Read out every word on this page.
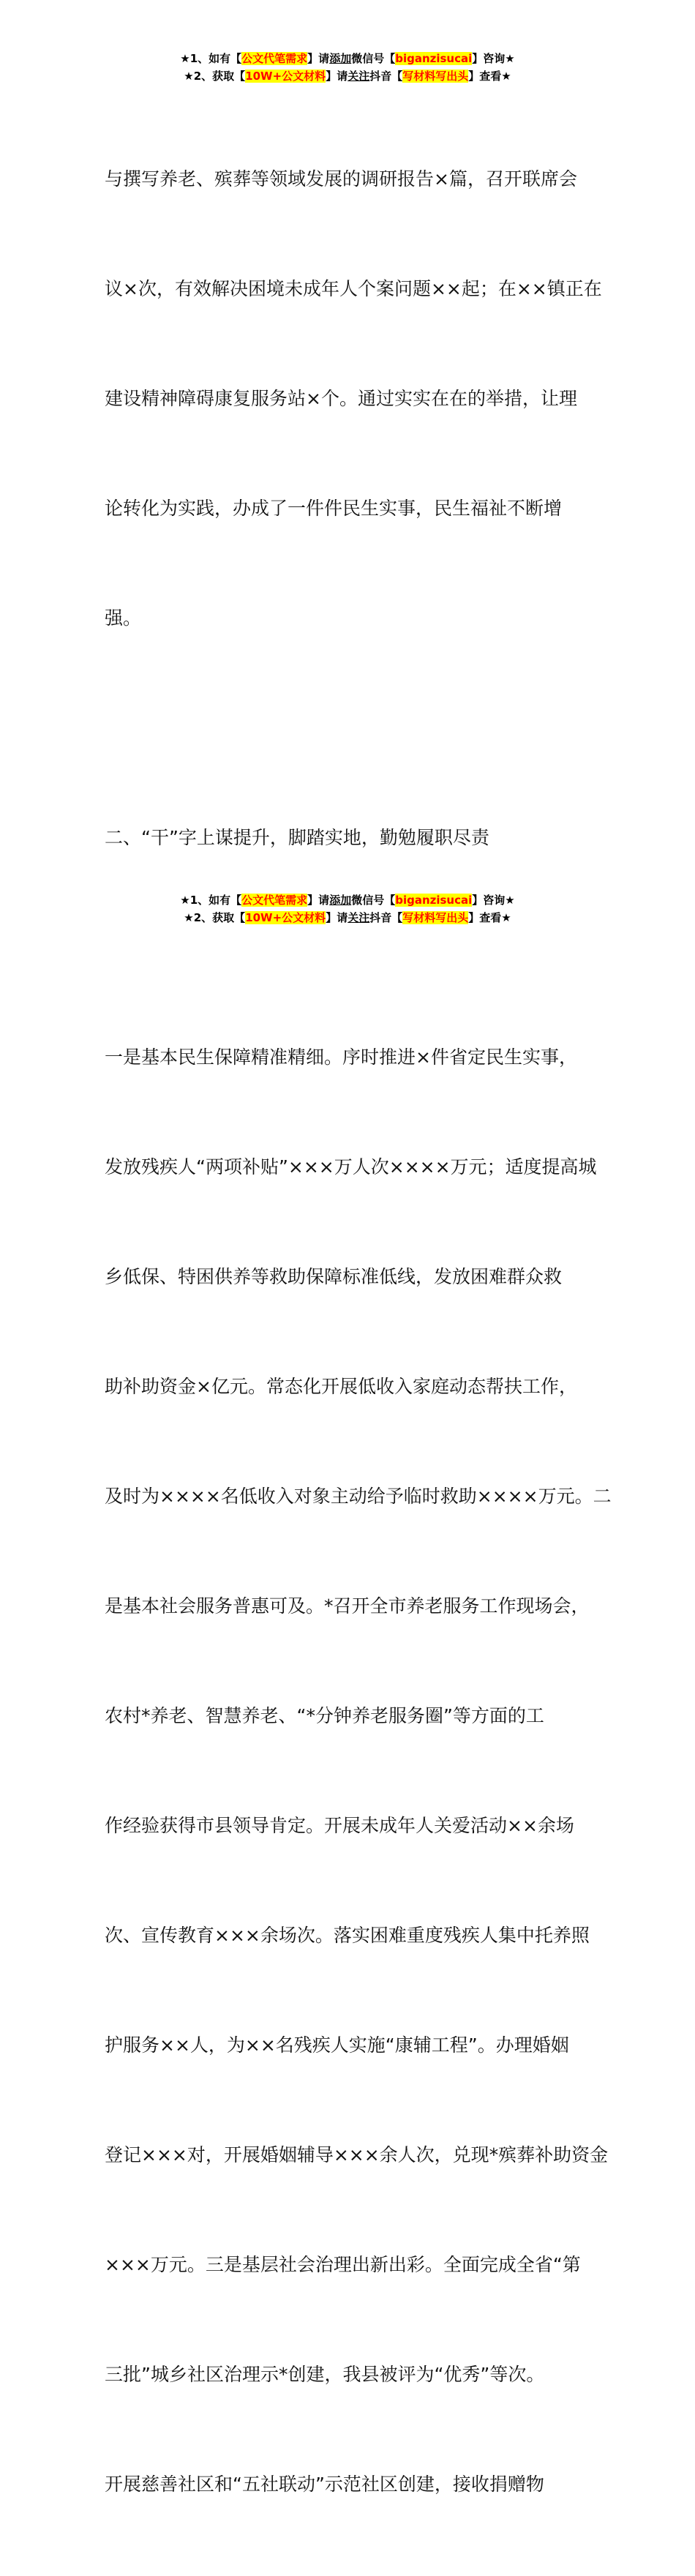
★1、如有【公文代笔需求】请添加微信号【biganzisucai】咨询★
★2、获取【10W+公文材料】请关注抖音【写材料写出头】查看★

与撰写养老、殡葬等领域发展的调研报告×篇，召开联席会

议×次，有效解决困境未成年人个案问题××起；在××镇正在

建设精神障碍康复服务站×个。通过实实在在的举措，让理

论转化为实践，办成了一件件民生实事，民生福祉不断增

强。

二、“干”字上谋提升，脚踏实地，勤勉履职尽责

一是基本民生保障精准精细。序时推进×件省定民生实事，

发放残疾人“两项补贴”×××万人次××××万元；适度提高城

乡低保、特困供养等救助保障标准低线，发放困难群众救

助补助资金×亿元。常态化开展低收入家庭动态帮扶工作，

及时为××××名低收入对象主动给予临时救助××××万元。二

是基本社会服务普惠可及。*召开全市养老服务工作现场会，

农村*养老、智慧养老、“*分钟养老服务圈”等方面的工

作经验获得市县领导肯定。开展未成年人关爱活动××余场

次、宣传教育×××余场次。落实困难重度残疾人集中托养照

护服务××人，为××名残疾人实施“康辅工程”。办理婚姻

登记×××对，开展婚姻辅导×××余人次，兑现*殡葬补助资金

×××万元。三是基层社会治理出新出彩。全面完成全省“第

三批”城乡社区治理示*创建，我县被评为“优秀”等次。

开展慈善社区和“五社联动”示范社区创建，接收捐赠物

★1、如有【公文代笔需求】请添加微信号【biganzisucai】咨询★
★2、获取【10W+公文材料】请关注抖音【写材料写出头】查看★
